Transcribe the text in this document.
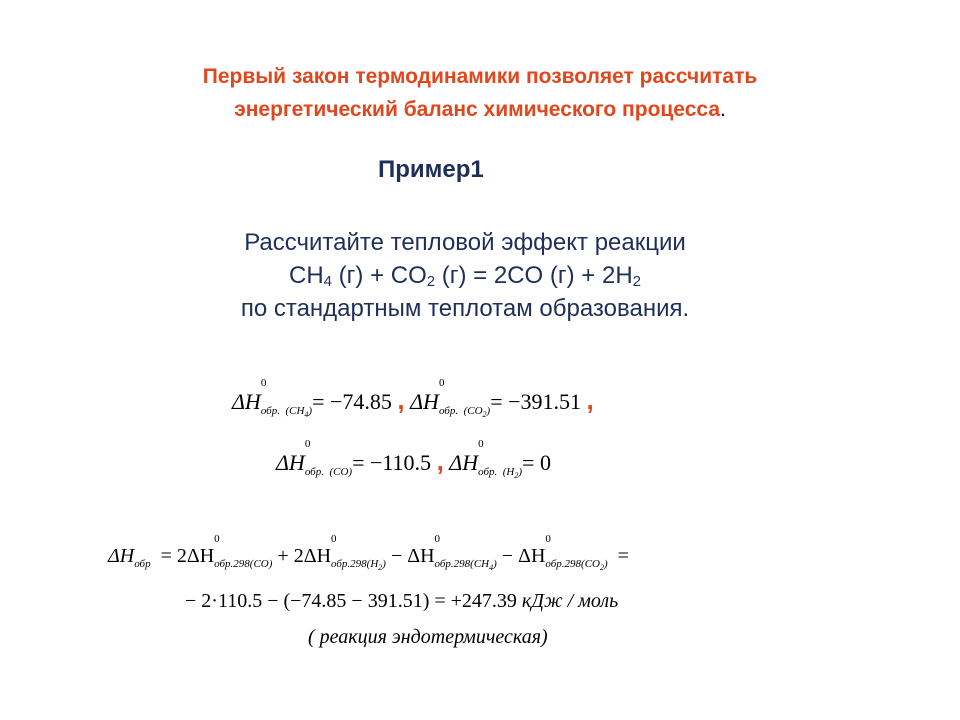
Первый закон термодинамики позволяет рассчитать
энергетический баланс химического процесса.
Пример1
Рассчитайте тепловой эффект реакции
$CH_4$ $(г) + CO_2$ (г) = 2CO $(г) + 2H_2$
по стандартным теплотам образования.
ΔH
0
обр. $(CH_4)= -74.85$ , ΔH
0
обр. $(CO_2)= -391.51$ ,
ΔH
0
обр. (CO)= −110.5 , ΔH
0
обр. $(H_2)= 0$
ΔHобр = 2ΔH
0
обр.298(CO) + 2ΔH
0
$обр.298(H_2) - \Delta H$
0
$обр.298(CH_4) - \Delta H$
0
$обр.298(CO_2)$ =
− 2·110.5 − (−74.85 − 391.51) = +247.39 кДж / моль
( реакция эндотермическая)
